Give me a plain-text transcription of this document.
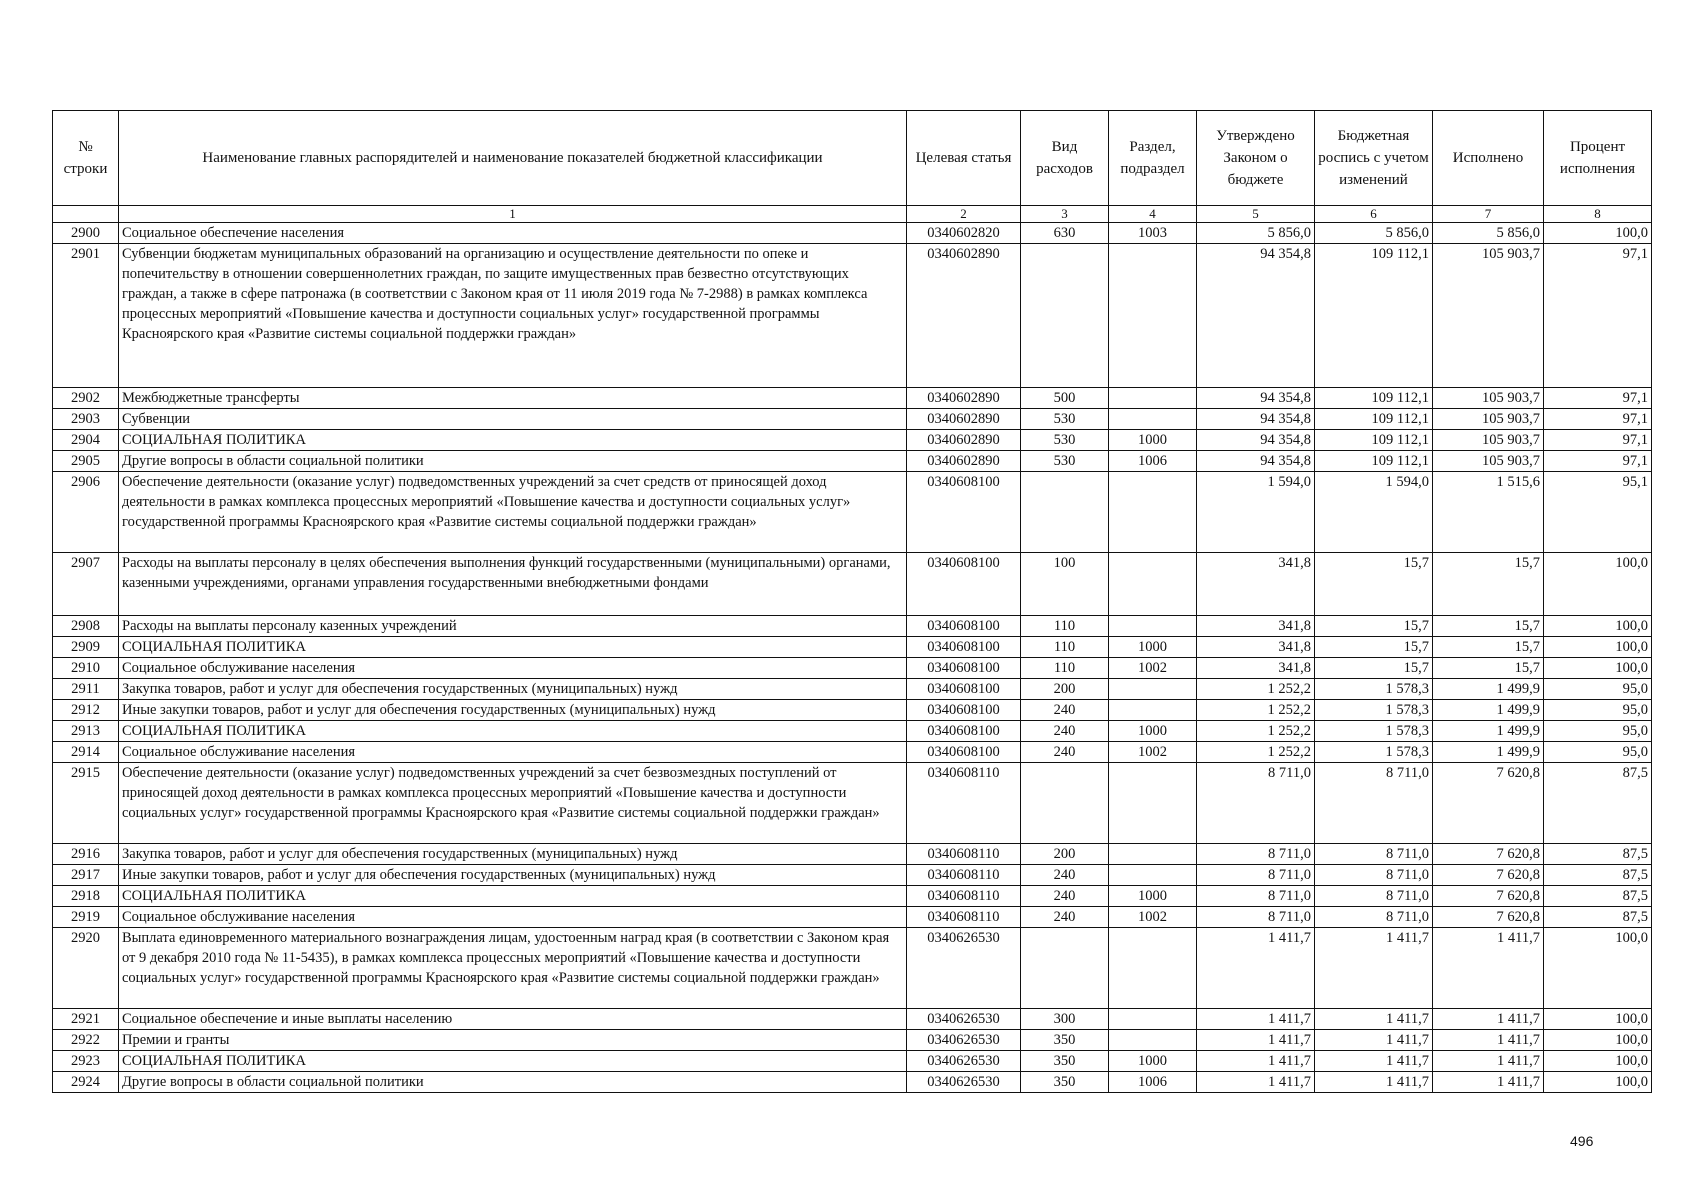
№ строки	Наименование главных распорядителей и наименование показателей бюджетной классификации	Целевая статья	Вид расходов	Раздел, подраздел	Утверждено Законом о бюджете	Бюджетная роспись с учетом изменений	Исполнено	Процент исполнения
	1	2	3	4	5	6	7	8
2900	Социальное обеспечение населения	0340602820	630	1003	5 856,0	5 856,0	5 856,0	100,0
2901	Субвенции бюджетам муниципальных образований на организацию и осуществление деятельности по опеке и попечительству в отношении совершеннолетних граждан, по защите имущественных прав безвестно отсутствующих граждан, а также в сфере патронажа (в соответствии с Законом края от 11 июля 2019 года № 7-2988) в рамках комплекса процессных мероприятий «Повышение качества и доступности социальных услуг» государственной программы Красноярского края «Развитие системы социальной поддержки граждан»	0340602890			94 354,8	109 112,1	105 903,7	97,1
2902	Межбюджетные трансферты	0340602890	500		94 354,8	109 112,1	105 903,7	97,1
2903	Субвенции	0340602890	530		94 354,8	109 112,1	105 903,7	97,1
2904	СОЦИАЛЬНАЯ ПОЛИТИКА	0340602890	530	1000	94 354,8	109 112,1	105 903,7	97,1
2905	Другие вопросы в области социальной политики	0340602890	530	1006	94 354,8	109 112,1	105 903,7	97,1
2906	Обеспечение деятельности (оказание услуг) подведомственных учреждений за счет средств от приносящей доход деятельности в рамках комплекса процессных мероприятий «Повышение качества и доступности социальных услуг» государственной программы Красноярского края «Развитие системы социальной поддержки граждан»	0340608100			1 594,0	1 594,0	1 515,6	95,1
2907	Расходы на выплаты персоналу в целях обеспечения выполнения функций государственными (муниципальными) органами, казенными учреждениями, органами управления государственными внебюджетными фондами	0340608100	100		341,8	15,7	15,7	100,0
2908	Расходы на выплаты персоналу казенных учреждений	0340608100	110		341,8	15,7	15,7	100,0
2909	СОЦИАЛЬНАЯ ПОЛИТИКА	0340608100	110	1000	341,8	15,7	15,7	100,0
2910	Социальное обслуживание населения	0340608100	110	1002	341,8	15,7	15,7	100,0
2911	Закупка товаров, работ и услуг для обеспечения государственных (муниципальных) нужд	0340608100	200		1 252,2	1 578,3	1 499,9	95,0
2912	Иные закупки товаров, работ и услуг для обеспечения государственных (муниципальных) нужд	0340608100	240		1 252,2	1 578,3	1 499,9	95,0
2913	СОЦИАЛЬНАЯ ПОЛИТИКА	0340608100	240	1000	1 252,2	1 578,3	1 499,9	95,0
2914	Социальное обслуживание населения	0340608100	240	1002	1 252,2	1 578,3	1 499,9	95,0
2915	Обеспечение деятельности (оказание услуг) подведомственных учреждений за счет безвозмездных поступлений от приносящей доход деятельности в рамках комплекса процессных мероприятий «Повышение качества и доступности социальных услуг» государственной программы Красноярского края «Развитие системы социальной поддержки граждан»	0340608110			8 711,0	8 711,0	7 620,8	87,5
2916	Закупка товаров, работ и услуг для обеспечения государственных (муниципальных) нужд	0340608110	200		8 711,0	8 711,0	7 620,8	87,5
2917	Иные закупки товаров, работ и услуг для обеспечения государственных (муниципальных) нужд	0340608110	240		8 711,0	8 711,0	7 620,8	87,5
2918	СОЦИАЛЬНАЯ ПОЛИТИКА	0340608110	240	1000	8 711,0	8 711,0	7 620,8	87,5
2919	Социальное обслуживание населения	0340608110	240	1002	8 711,0	8 711,0	7 620,8	87,5
2920	Выплата единовременного материального вознаграждения лицам, удостоенным наград края (в соответствии с Законом края от 9 декабря 2010 года № 11-5435), в рамках комплекса процессных мероприятий «Повышение качества и доступности социальных услуг» государственной программы Красноярского края «Развитие системы социальной поддержки граждан»	0340626530			1 411,7	1 411,7	1 411,7	100,0
2921	Социальное обеспечение и иные выплаты населению	0340626530	300		1 411,7	1 411,7	1 411,7	100,0
2922	Премии и гранты	0340626530	350		1 411,7	1 411,7	1 411,7	100,0
2923	СОЦИАЛЬНАЯ ПОЛИТИКА	0340626530	350	1000	1 411,7	1 411,7	1 411,7	100,0
2924	Другие вопросы в области социальной политики	0340626530	350	1006	1 411,7	1 411,7	1 411,7	100,0
496
